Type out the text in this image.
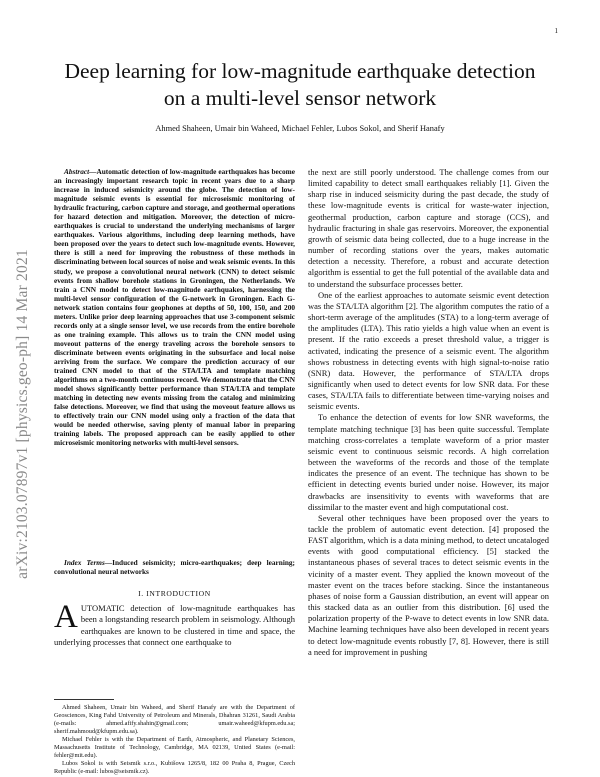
1
arXiv:2103.07897v1 [physics.geo-ph] 14 Mar 2021
Deep learning for low-magnitude earthquake detection on a multi-level sensor network
Ahmed Shaheen, Umair bin Waheed, Michael Fehler, Lubos Sokol, and Sherif Hanafy

Abstract—Automatic detection of low-magnitude earthquakes has become an increasingly important research topic in recent years due to a sharp increase in induced seismicity around the globe. The detection of low-magnitude seismic events is essential for microseismic monitoring of hydraulic fracturing, carbon capture and storage, and geothermal operations for hazard detection and mitigation. Moreover, the detection of micro-earthquakes is crucial to understand the underlying mechanisms of larger earthquakes. Various algorithms, including deep learning methods, have been proposed over the years to detect such low-magnitude events. However, there is still a need for improving the robustness of these methods in discriminating between local sources of noise and weak seismic events. In this study, we propose a convolutional neural network (CNN) to detect seismic events from shallow borehole stations in Groningen, the Netherlands. We train a CNN model to detect low-magnitude earthquakes, harnessing the multi-level sensor configuration of the G-network in Groningen. Each G-network station contains four geophones at depths of 50, 100, 150, and 200 meters. Unlike prior deep learning approaches that use 3-component seismic records only at a single sensor level, we use records from the entire borehole as one training example. This allows us to train the CNN model using moveout patterns of the energy traveling across the borehole sensors to discriminate between events originating in the subsurface and local noise arriving from the surface. We compare the prediction accuracy of our trained CNN model to that of the STA/LTA and template matching algorithms on a two-month continuous record. We demonstrate that the CNN model shows significantly better performance than STA/LTA and template matching in detecting new events missing from the catalog and minimizing false detections. Moreover, we find that using the moveout feature allows us to effectively train our CNN model using only a fraction of the data that would be needed otherwise, saving plenty of manual labor in preparing training labels. The proposed approach can be easily applied to other microseismic monitoring networks with multi-level sensors.

Index Terms—Induced seismicity; micro-earthquakes; deep learning; convolutional neural networks

I. INTRODUCTION

AUTOMATIC detection of low-magnitude earthquakes has been a longstanding research problem in seismology. Although earthquakes are known to be clustered in time and space, the underlying processes that connect one earthquake to

Ahmed Shaheen, Umair bin Waheed, and Sherif Hanafy are with the Department of Geosciences, King Fahd University of Petroleum and Minerals, Dhahran 31261, Saudi Arabia (e-mails: ahmed.afify.shahin@gmail.com; umair.waheed@kfupm.edu.sa; sherif.mahmoud@kfupm.edu.sa).

Michael Fehler is with the Department of Earth, Atmospheric, and Planetary Sciences, Massachusetts Institute of Technology, Cambridge, MA 02139, United States (e-mail: fehler@mit.edu).

Lubos Sokol is with Seismik s.r.o., Kubišova 1265/8, 182 00 Praha 8, Prague, Czech Republic (e-mail: lubos@seismik.cz).

the next are still poorly understood. The challenge comes from our limited capability to detect small earthquakes reliably [1]. Given the sharp rise in induced seismicity during the past decade, the study of these low-magnitude events is critical for waste-water injection, geothermal production, carbon capture and storage (CCS), and hydraulic fracturing in shale gas reservoirs. Moreover, the exponential growth of seismic data being collected, due to a huge increase in the number of recording stations over the years, makes automatic detection a necessity. Therefore, a robust and accurate detection algorithm is essential to get the full potential of the available data and to understand the subsurface processes better.

One of the earliest approaches to automate seismic event detection was the STA/LTA algorithm [2]. The algorithm computes the ratio of a short-term average of the amplitudes (STA) to a long-term average of the amplitudes (LTA). This ratio yields a high value when an event is present. If the ratio exceeds a preset threshold value, a trigger is activated, indicating the presence of a seismic event. The algorithm shows robustness in detecting events with high signal-to-noise ratio (SNR) data. However, the performance of STA/LTA drops significantly when used to detect events for low SNR data. For these cases, STA/LTA fails to differentiate between time-varying noises and seismic events.

To enhance the detection of events for low SNR waveforms, the template matching technique [3] has been quite successful. Template matching cross-correlates a template waveform of a prior master seismic event to continuous seismic records. A high correlation between the waveforms of the records and those of the template indicates the presence of an event. The technique has shown to be efficient in detecting events buried under noise. However, its major drawbacks are insensitivity to events with waveforms that are dissimilar to the master event and high computational cost.

Several other techniques have been proposed over the years to tackle the problem of automatic event detection. [4] proposed the FAST algorithm, which is a data mining method, to detect uncataloged events with good computational efficiency. [5] stacked the instantaneous phases of several traces to detect seismic events in the vicinity of a master event. They applied the known moveout of the master event on the traces before stacking. Since the instantaneous phases of noise form a Gaussian distribution, an event will appear on this stacked data as an outlier from this distribution. [6] used the polarization property of the P-wave to detect events in low SNR data. Machine learning techniques have also been developed in recent years to detect low-magnitude events robustly [7, 8]. However, there is still a need for improvement in pushing
